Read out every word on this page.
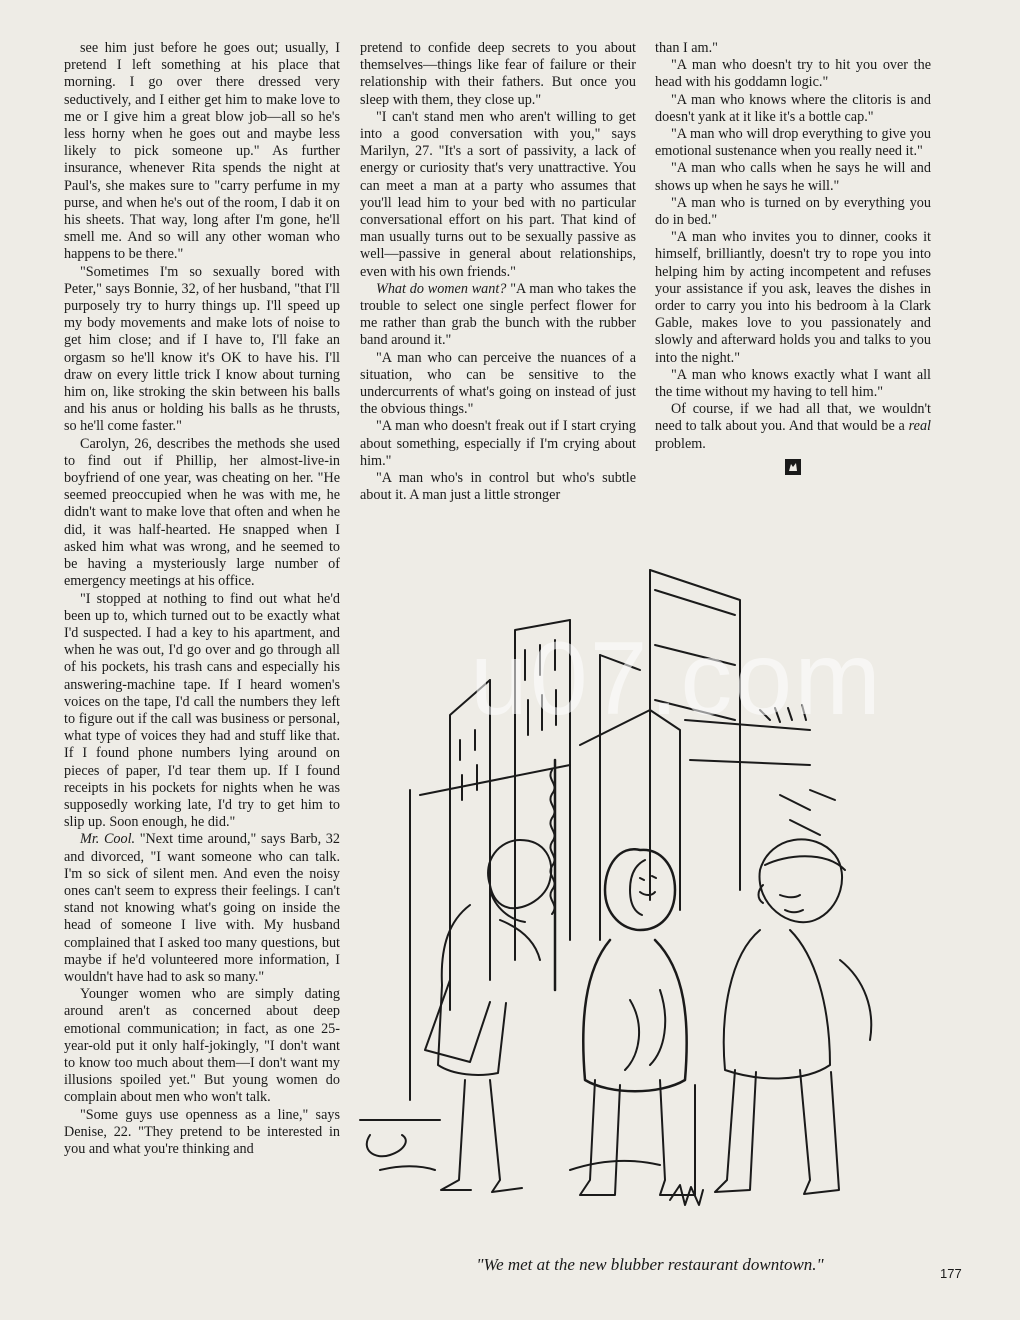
see him just before he goes out; usually, I pretend I left something at his place that morning. I go over there dressed very seductively, and I either get him to make love to me or I give him a great blow job—all so he's less horny when he goes out and maybe less likely to pick someone up." As further insurance, whenever Rita spends the night at Paul's, she makes sure to "carry perfume in my purse, and when he's out of the room, I dab it on his sheets. That way, long after I'm gone, he'll smell me. And so will any other woman who happens to be there."

"Sometimes I'm so sexually bored with Peter," says Bonnie, 32, of her husband, "that I'll purposely try to hurry things up. I'll speed up my body movements and make lots of noise to get him close; and if I have to, I'll fake an orgasm so he'll know it's OK to have his. I'll draw on every little trick I know about turning him on, like stroking the skin between his balls and his anus or holding his balls as he thrusts, so he'll come faster."

Carolyn, 26, describes the methods she used to find out if Phillip, her almost-live-in boyfriend of one year, was cheating on her. "He seemed preoccupied when he was with me, he didn't want to make love that often and when he did, it was half-hearted. He snapped when I asked him what was wrong, and he seemed to be having a mysteriously large number of emergency meetings at his office.

"I stopped at nothing to find out what he'd been up to, which turned out to be exactly what I'd suspected. I had a key to his apartment, and when he was out, I'd go over and go through all of his pockets, his trash cans and especially his answering-machine tape. If I heard women's voices on the tape, I'd call the numbers they left to figure out if the call was business or personal, what type of voices they had and stuff like that. If I found phone numbers lying around on pieces of paper, I'd tear them up. If I found receipts in his pockets for nights when he was supposedly working late, I'd try to get him to slip up. Soon enough, he did."

Mr. Cool. "Next time around," says Barb, 32 and divorced, "I want someone who can talk. I'm so sick of silent men. And even the noisy ones can't seem to express their feelings. I can't stand not knowing what's going on inside the head of someone I live with. My husband complained that I asked too many questions, but maybe if he'd volunteered more information, I wouldn't have had to ask so many."

Younger women who are simply dating around aren't as concerned about deep emotional communication; in fact, as one 25-year-old put it only half-jokingly, "I don't want to know too much about them—I don't want my illusions spoiled yet." But young women do complain about men who won't talk.

"Some guys use openness as a line," says Denise, 22. "They pretend to be interested in you and what you're thinking and

pretend to confide deep secrets to you about themselves—things like fear of failure or their relationship with their fathers. But once you sleep with them, they close up."

"I can't stand men who aren't willing to get into a good conversation with you," says Marilyn, 27. "It's a sort of passivity, a lack of energy or curiosity that's very unattractive. You can meet a man at a party who assumes that you'll lead him to your bed with no particular conversational effort on his part. That kind of man usually turns out to be sexually passive as well—passive in general about relationships, even with his own friends."

What do women want? "A man who takes the trouble to select one single perfect flower for me rather than grab the bunch with the rubber band around it."

"A man who can perceive the nuances of a situation, who can be sensitive to the undercurrents of what's going on instead of just the obvious things."

"A man who doesn't freak out if I start crying about something, especially if I'm crying about him."

"A man who's in control but who's subtle about it. A man just a little stronger

than I am."

"A man who doesn't try to hit you over the head with his goddamn logic."

"A man who knows where the clitoris is and doesn't yank at it like it's a bottle cap."

"A man who will drop everything to give you emotional sustenance when you really need it."

"A man who calls when he says he will and shows up when he says he will."

"A man who is turned on by everything you do in bed."

"A man who invites you to dinner, cooks it himself, brilliantly, doesn't try to rope you into helping him by acting incompetent and refuses your assistance if you ask, leaves the dishes in order to carry you into his bedroom à la Clark Gable, makes love to you passionately and slowly and afterward holds you and talks to you into the night."

"A man who knows exactly what I want all the time without my having to tell him."

Of course, if we had all that, we wouldn't need to talk about you. And that would be a real problem.

u07.com
"We met at the new blubber restaurant downtown."	177
